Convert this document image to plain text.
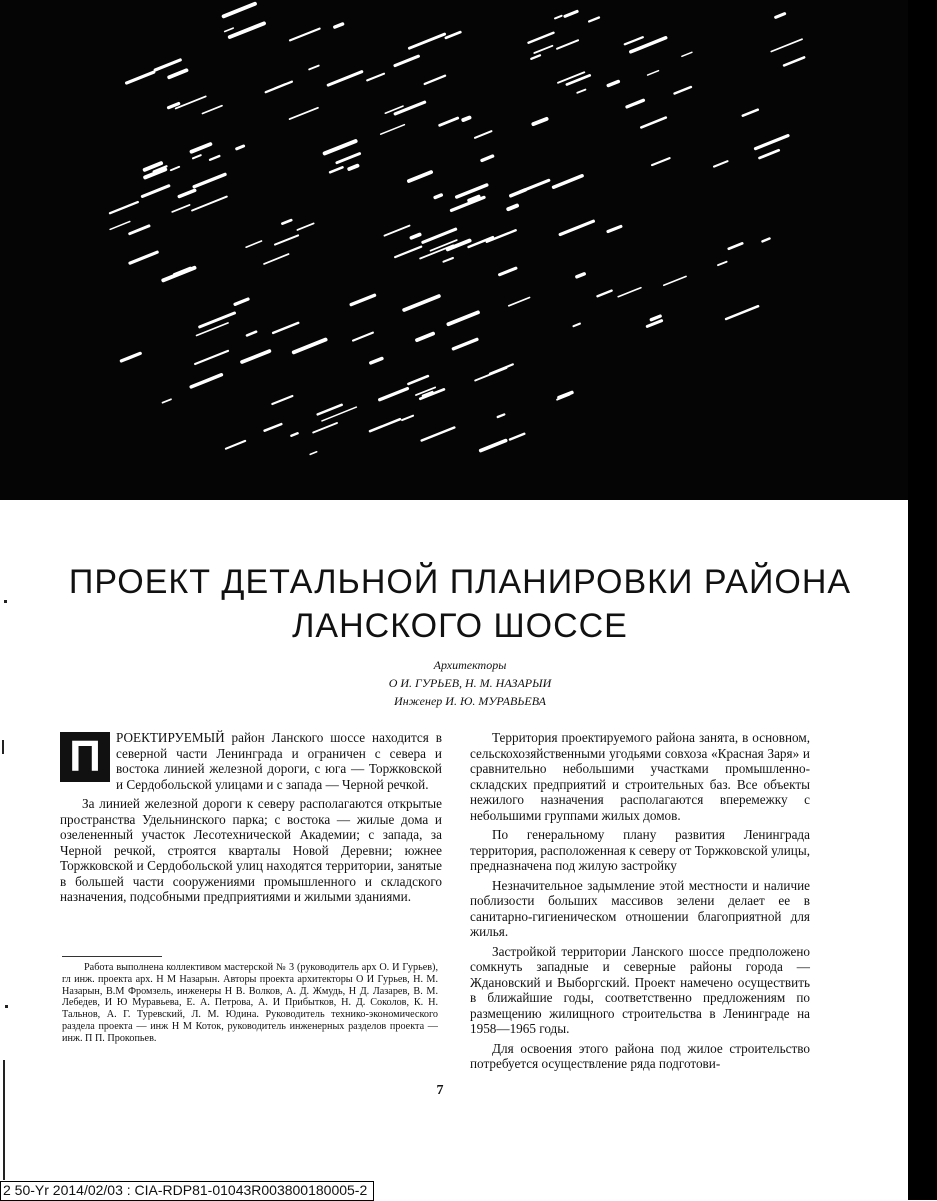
ПРОЕКТ ДЕТАЛЬНОЙ ПЛАНИРОВКИ РАЙОНА
ЛАНСКОГО ШОССЕ
Архитекторы
О И. ГУРЬЕВ, Н. М. НАЗАРЫИ
Инженер И. Ю. МУРАВЬЕВА

П	РОЕКТИРУЕМЫЙ район Ланского шоссе находится в северной части Ленинграда и ограничен с севера и востока линией железной дороги, с юга — Торжковской и Сердобольской улицами и с запада — Черной речкой.

За линией железной дороги к северу располагаются открытые пространства Удельнинского парка; с востока — жилые дома и озелененный участок Лесотехнической Академии; с запада, за Черной речкой, строятся кварталы Новой Деревни; южнее Торжковской и Сердобольской улиц находятся территории, занятые в большей части сооружениями промышленного и складского назначения, подсобными предприятиями и жилыми зданиями.

Работа выполнена коллективом мастерской № 3 (руководитель арх О. И Гурьев), гл инж. проекта арх. Н М Назарын. Авторы проекта архитекторы О И Гурьев, Н. М. Назарын, В.М Фромзель, инженеры Н В. Волков, А. Д. Жмудь, Н Д. Лазарев, В. М. Лебедев, И Ю Муравьева, Е. А. Петрова, А. И Прибытков, Н. Д. Соколов, К. Н. Тальнов, А. Г. Туревский, Л. М. Юдина. Руководитель технико-экономического раздела проекта — инж Н М Коток, руководитель инженерных разделов проекта — инж. П П. Прокопьев.

Территория проектируемого района занята, в основном, сельскохозяйственными угодьями совхоза «Красная Заря» и сравнительно небольшими участками промышленно-складских предприятий и строительных баз. Все объекты нежилого назначения располагаются вперемежку с небольшими группами жилых домов.

По генеральному плану развития Ленинграда территория, расположенная к северу от Торжковской улицы, предназначена под жилую застройку

Незначительное задымление этой местности и наличие поблизости больших массивов зелени делает ее в санитарно-гигиеническом отношении благоприятной для жилья.

Застройкой территории Ланского шоссе предположено сомкнуть западные и северные районы города — Ждановский и Выборгский. Проект намечено осуществить в ближайшие годы, соответственно предложениям по размещению жилищного строительства в Ленинграде на 1958—1965 годы.

Для освоения этого района под жилое строительство потребуется осуществление ряда подготови-

7
2 50-Yr 2014/02/03 : CIA-RDP81-01043R003800180005-2
